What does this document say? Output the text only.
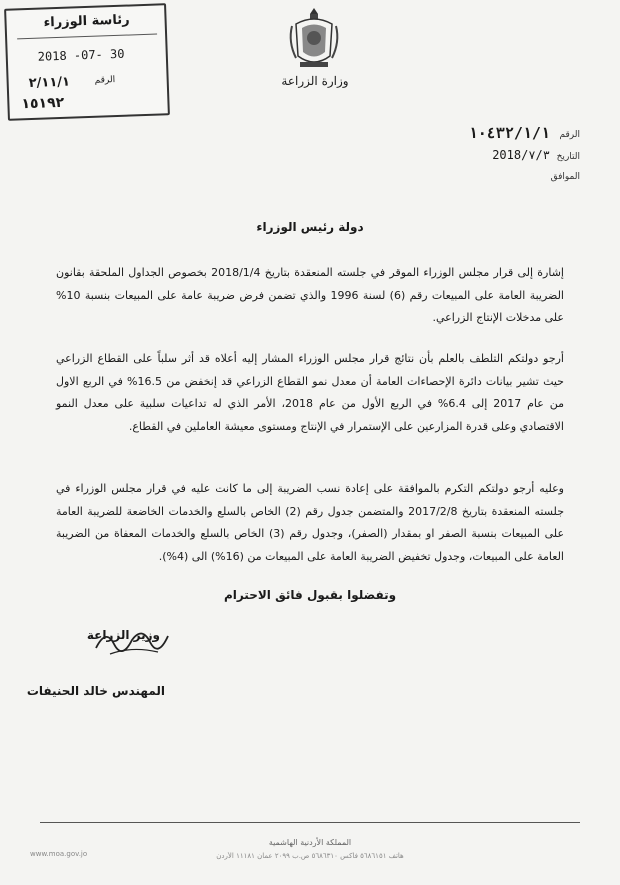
رئاسة الوزراء
2018 -07- 30
الرقم
٢/١١/١
١٥١٩٢
وزارة الزراعة
الرقم
١٠٤٣٢/١/١
التاريخ
2018/٧/٣
الموافق
دولة رئيس الوزراء
إشارة إلى قرار مجلس الوزراء الموقر في جلسته المنعقدة بتاريخ 2018/1/4 بخصوص الجداول الملحقة بقانون الضريبة العامة على المبيعات رقم (6) لسنة 1996 والذي تضمن فرض ضريبة عامة على المبيعات بنسبة 10% على مدخلات الإنتاج الزراعي.
أرجو دولتكم التلطف بالعلم بأن نتائج قرار مجلس الوزراء المشار إليه أعلاه قد أثر سلباً على القطاع الزراعي حيث تشير بيانات دائرة الإحصاءات العامة أن معدل نمو القطاع الزراعي قد إنخفض من 16.5% في الربع الاول من عام 2017 إلى 6.4% في الربع الأول من عام 2018، الأمر الذي له تداعيات سلبية على معدل النمو الاقتصادي وعلى قدرة المزارعين على الإستمرار في الإنتاج ومستوى معيشة العاملين في القطاع.
وعليه أرجو دولتكم التكرم بالموافقة على إعادة نسب الضريبة إلى ما كانت عليه في قرار مجلس الوزراء في جلسته المنعقدة بتاريخ 2017/2/8 والمتضمن جدول رقم (2) الخاص بالسلع والخدمات الخاضعة للضريبة العامة على المبيعات بنسبة الصفر او بمقدار (الصفر)، وجدول رقم (3) الخاص بالسلع والخدمات المعفاة من الضريبة العامة على المبيعات، وجدول تخفيض الضريبة العامة على المبيعات من (16%) الى (4%).
وتفضلوا بقبول فائق الاحترام
وزير الزراعة
المهندس خالد الحنيفات
المملكة الأردنية الهاشمية
www.moa.gov.jo	هاتف ٥٦٨٦١٥١ فاكس ٥٦٨٦٣١٠ ص.ب ٢٠٩٩ عمان ١١١٨١ الأردن
